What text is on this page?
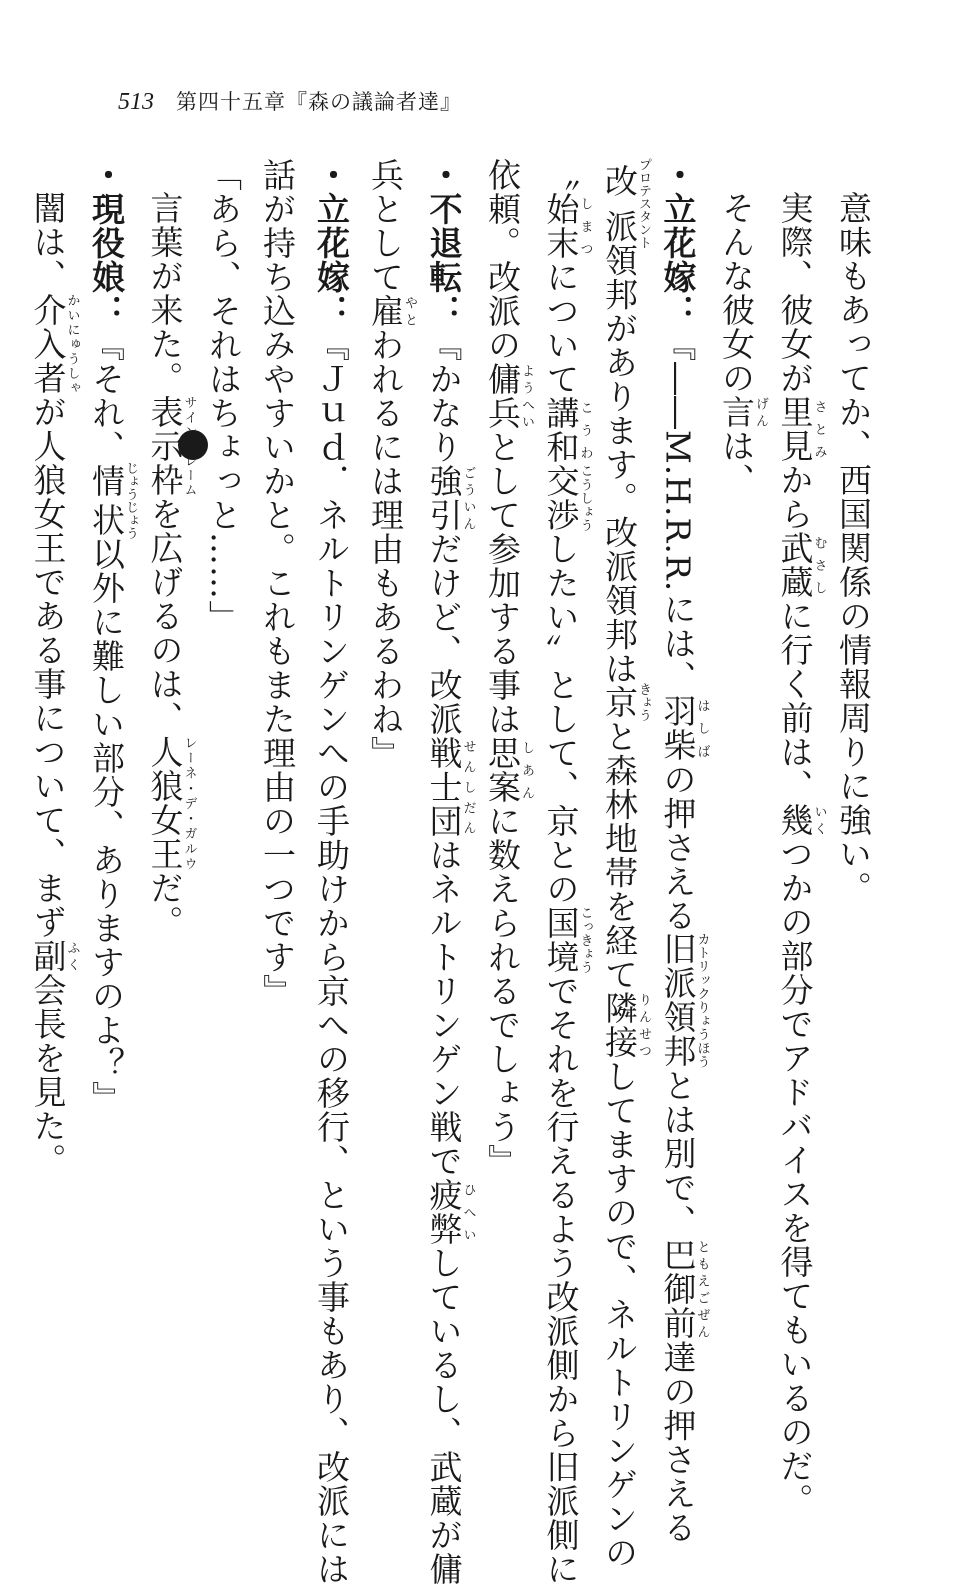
513 第四十五章『森の議論者達』
意味もあってか、西国関係の情報周りに強い。
実際、彼女が里見さとみから武蔵むさしに行く前は、幾いくつかの部分でアドバイスを得てもいるのだ。
そんな彼女の言げんは、
・立花嫁：『――M.H.R.R.には、羽柴はしばの押さえる旧派領邦カトリックりょうほうとは別で、巴御前ともえごぜん達の押さえる
改派プロテスタント領邦があります。改派領邦は京きょうと森林地帯を経て隣接りんせつしてますので、ネルトリンゲンの
〝始末しまつについて講和こうわ交渉こうしょうしたい〟として、京との国境こっきょうでそれを行えるよう改派側から旧派側に
依頼。改派の傭兵ようへいとして参加する事は思案しあんに数えられるでしょう』
・不退転：『かなり強引ごういんだけど、改派戦士団せんしだんはネルトリンゲン戦で疲弊ひへいしているし、武蔵が傭
兵として雇やとわれるには理由もあるわね』
・立花嫁：『Ｊｕｄ．ネルトリンゲンへの手助けから京への移行、という事もあり、改派には
話が持ち込みやすいかと。これもまた理由の一つです』
「あら、それはちょっと……」
言葉が来た。表示枠サインフレームを広げるのは、人狼女王レーネ・デ・ガルウだ。
・現役娘：『それ、情状じょうじょう以外に難しい部分、ありますのよ？』
闇は、介入者かいにゅうしゃが人狼女王である事について、まず副ふく会長を見た。
